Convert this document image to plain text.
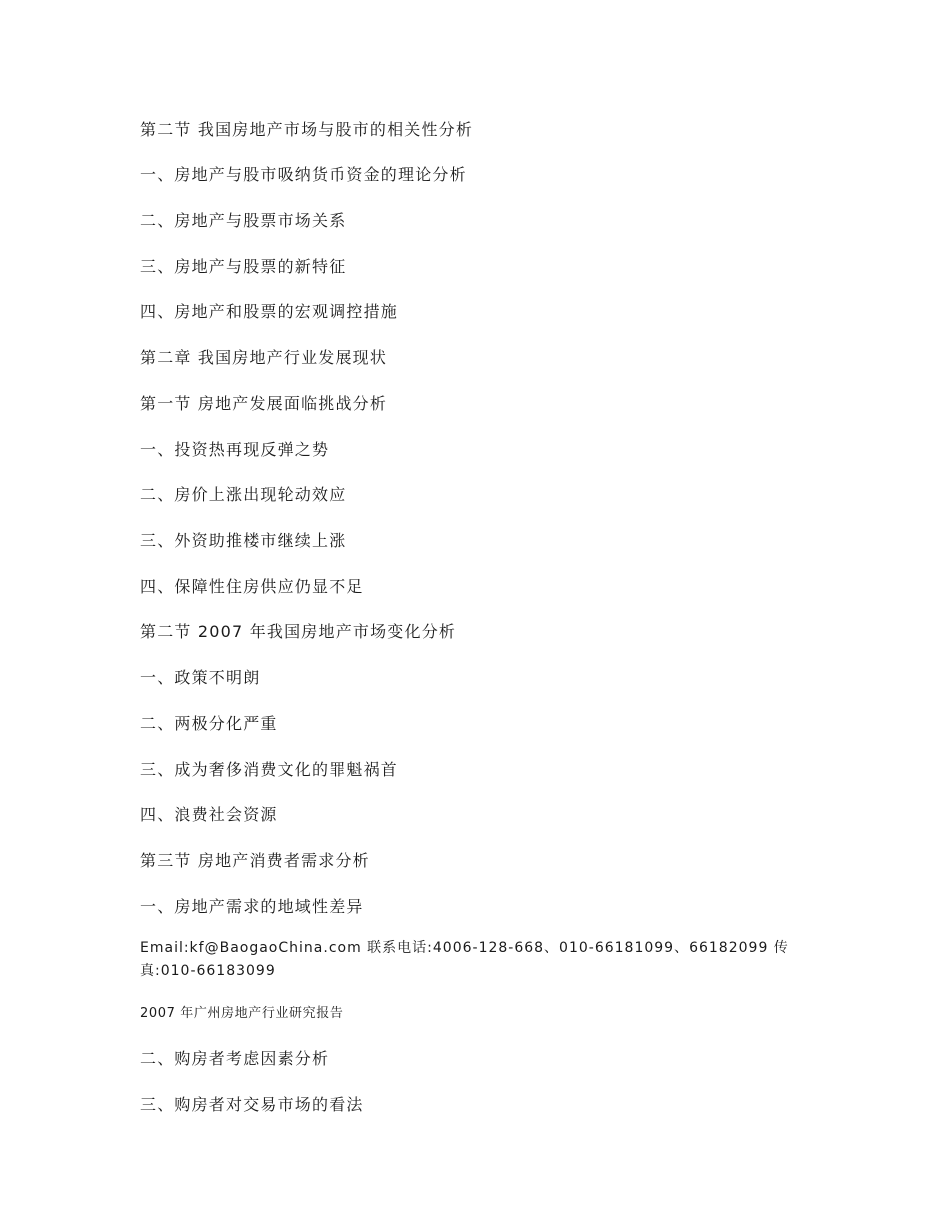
第二节 我国房地产市场与股市的相关性分析
一、房地产与股市吸纳货币资金的理论分析
二、房地产与股票市场关系
三、房地产与股票的新特征
四、房地产和股票的宏观调控措施
第二章 我国房地产行业发展现状
第一节 房地产发展面临挑战分析
一、投资热再现反弹之势
二、房价上涨出现轮动效应
三、外资助推楼市继续上涨
四、保障性住房供应仍显不足
第二节 2007 年我国房地产市场变化分析
一、政策不明朗
二、两极分化严重
三、成为奢侈消费文化的罪魁祸首
四、浪费社会资源
第三节 房地产消费者需求分析
一、房地产需求的地域性差异
Email:kf@BaogaoChina.com 联系电话:4006-128-668、010-66181099、66182099 传真:010-66183099
2007 年广州房地产行业研究报告
二、购房者考虑因素分析
三、购房者对交易市场的看法
